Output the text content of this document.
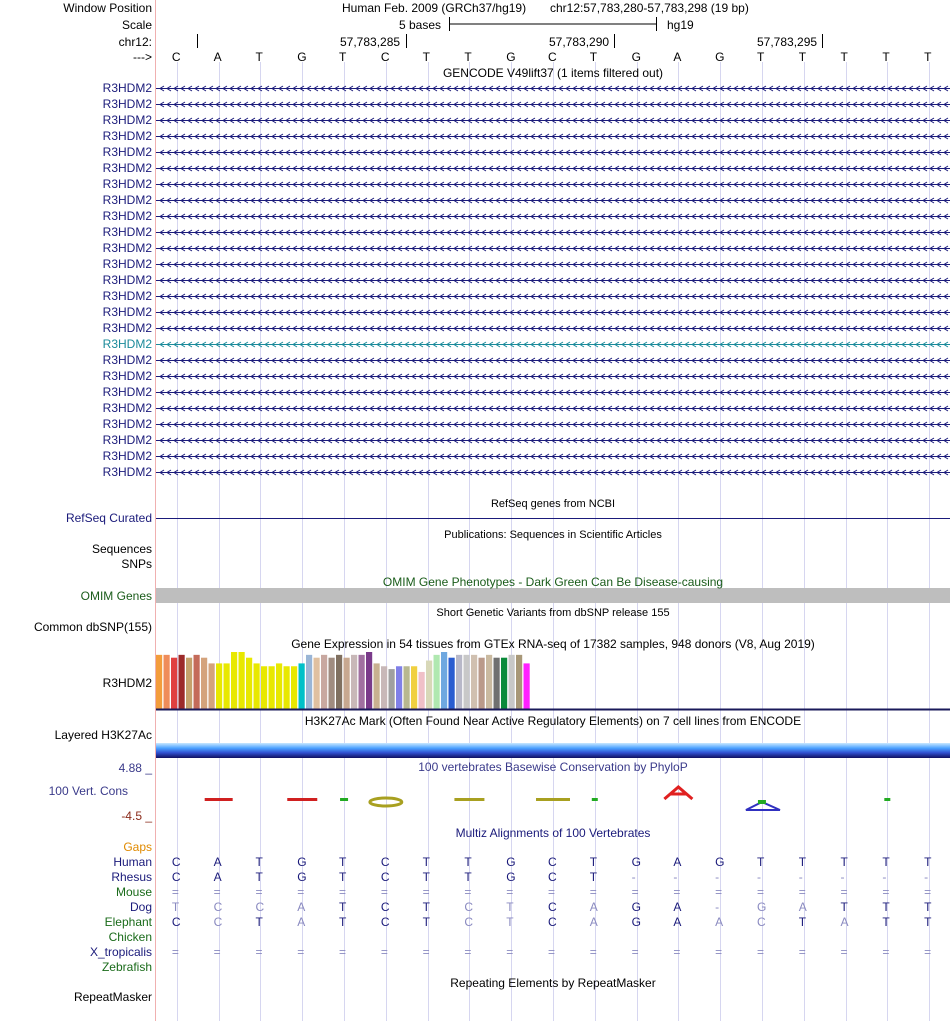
Window Position	Human Feb. 2009 (GRCh37/hg19) chr12:57,783,280-57,783,298 (19 bp)
Scale	5 bases	hg19
chr12:	57,783,285	57,783,290	57,783,295
---> C	A	T	G	T	C	T	T	G	C	T	G	A	G	T	T	T	T	T
GENCODE V49lift37 (1 items filtered out)
R3HDM2
R3HDM2
R3HDM2
R3HDM2
R3HDM2
R3HDM2
R3HDM2
R3HDM2
R3HDM2
R3HDM2
R3HDM2
R3HDM2
R3HDM2
R3HDM2
R3HDM2
R3HDM2
R3HDM2
R3HDM2
R3HDM2
R3HDM2
R3HDM2
R3HDM2
R3HDM2
R3HDM2
R3HDM2
RefSeq genes from NCBI
RefSeq Curated
Publications: Sequences in Scientific Articles
Sequences
SNPs
OMIM Gene Phenotypes - Dark Green Can Be Disease-causing
OMIM Genes
Short Genetic Variants from dbSNP release 155
Common dbSNP(155)
Gene Expression in 54 tissues from GTEx RNA-seq of 17382 samples, 948 donors (V8, Aug 2019)
R3HDM2
H3K27Ac Mark (Often Found Near Active Regulatory Elements) on 7 cell lines from ENCODE
Layered H3K27Ac
100 vertebrates Basewise Conservation by PhyloP
4.88 _
100 Vert. Cons
-4.5 _
Multiz Alignments of 100 Vertebrates
Gaps
Human C	A	T	G	T	C	T	T	G	C	T	G	A	G	T	T	T	T	T
Rhesus C	A	T	G	T	C	T	T	G	C	T	-	-	-	-	-	-	-	-
Mouse =	=	=	=	=	=	=	=	=	=	=	=	=	=	=	=	=	=	=
Dog T	C	C	A	T	C	T	C	T	C	A	G	A	-	G	A	T	T	T
Elephant C	C	T	A	T	C	T	C	T	C	A	G	A	A	C	T	A	T	T
Chicken
X_tropicalis =	=	=	=	=	=	=	=	=	=	=	=	=	=	=	=	=	=	=
Zebrafish
Repeating Elements by RepeatMasker
RepeatMasker
